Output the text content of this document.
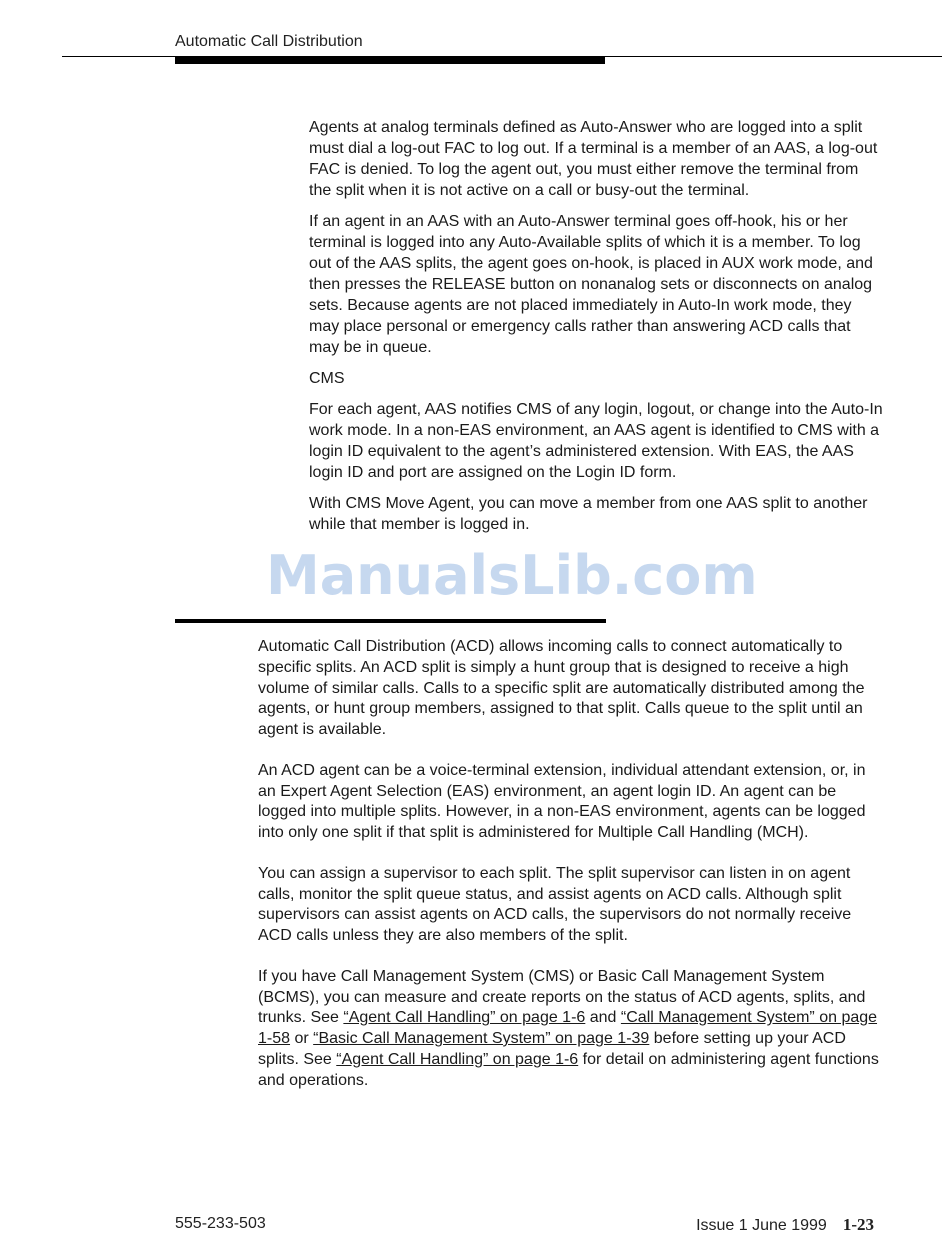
Automatic Call Distribution

Agents at analog terminals defined as Auto-Answer who are logged into a split must dial a log-out FAC to log out. If a terminal is a member of an AAS, a log-out FAC is denied. To log the agent out, you must either remove the terminal from the split when it is not active on a call or busy-out the terminal.

If an agent in an AAS with an Auto-Answer terminal goes off-hook, his or her terminal is logged into any Auto-Available splits of which it is a member. To log out of the AAS splits, the agent goes on-hook, is placed in AUX work mode, and then presses the RELEASE button on nonanalog sets or disconnects on analog sets. Because agents are not placed immediately in Auto-In work mode, they may place personal or emergency calls rather than answering ACD calls that may be in queue.

CMS

For each agent, AAS notifies CMS of any login, logout, or change into the Auto-In work mode. In a non-EAS environment, an AAS agent is identified to CMS with a login ID equivalent to the agent’s administered extension. With EAS, the AAS login ID and port are assigned on the Login ID form.

With CMS Move Agent, you can move a member from one AAS split to another while that member is logged in.

ManualsLib.com

Automatic Call Distribution (ACD) allows incoming calls to connect automatically to specific splits. An ACD split is simply a hunt group that is designed to receive a high volume of similar calls. Calls to a specific split are automatically distributed among the agents, or hunt group members, assigned to that split. Calls queue to the split until an agent is available.

An ACD agent can be a voice-terminal extension, individual attendant extension, or, in an Expert Agent Selection (EAS) environment, an agent login ID. An agent can be logged into multiple splits. However, in a non-EAS environment, agents can be logged into only one split if that split is administered for Multiple Call Handling (MCH).

You can assign a supervisor to each split. The split supervisor can listen in on agent calls, monitor the split queue status, and assist agents on ACD calls. Although split supervisors can assist agents on ACD calls, the supervisors do not normally receive ACD calls unless they are also members of the split.

If you have Call Management System (CMS) or Basic Call Management System (BCMS), you can measure and create reports on the status of ACD agents, splits, and trunks. See “Agent Call Handling” on page 1-6 and “Call Management System” on page 1-58 or “Basic Call Management System” on page 1-39 before setting up your ACD splits. See “Agent Call Handling” on page 1-6 for detail on administering agent functions and operations.

555-233-503	Issue 1 June 1999 1-23
